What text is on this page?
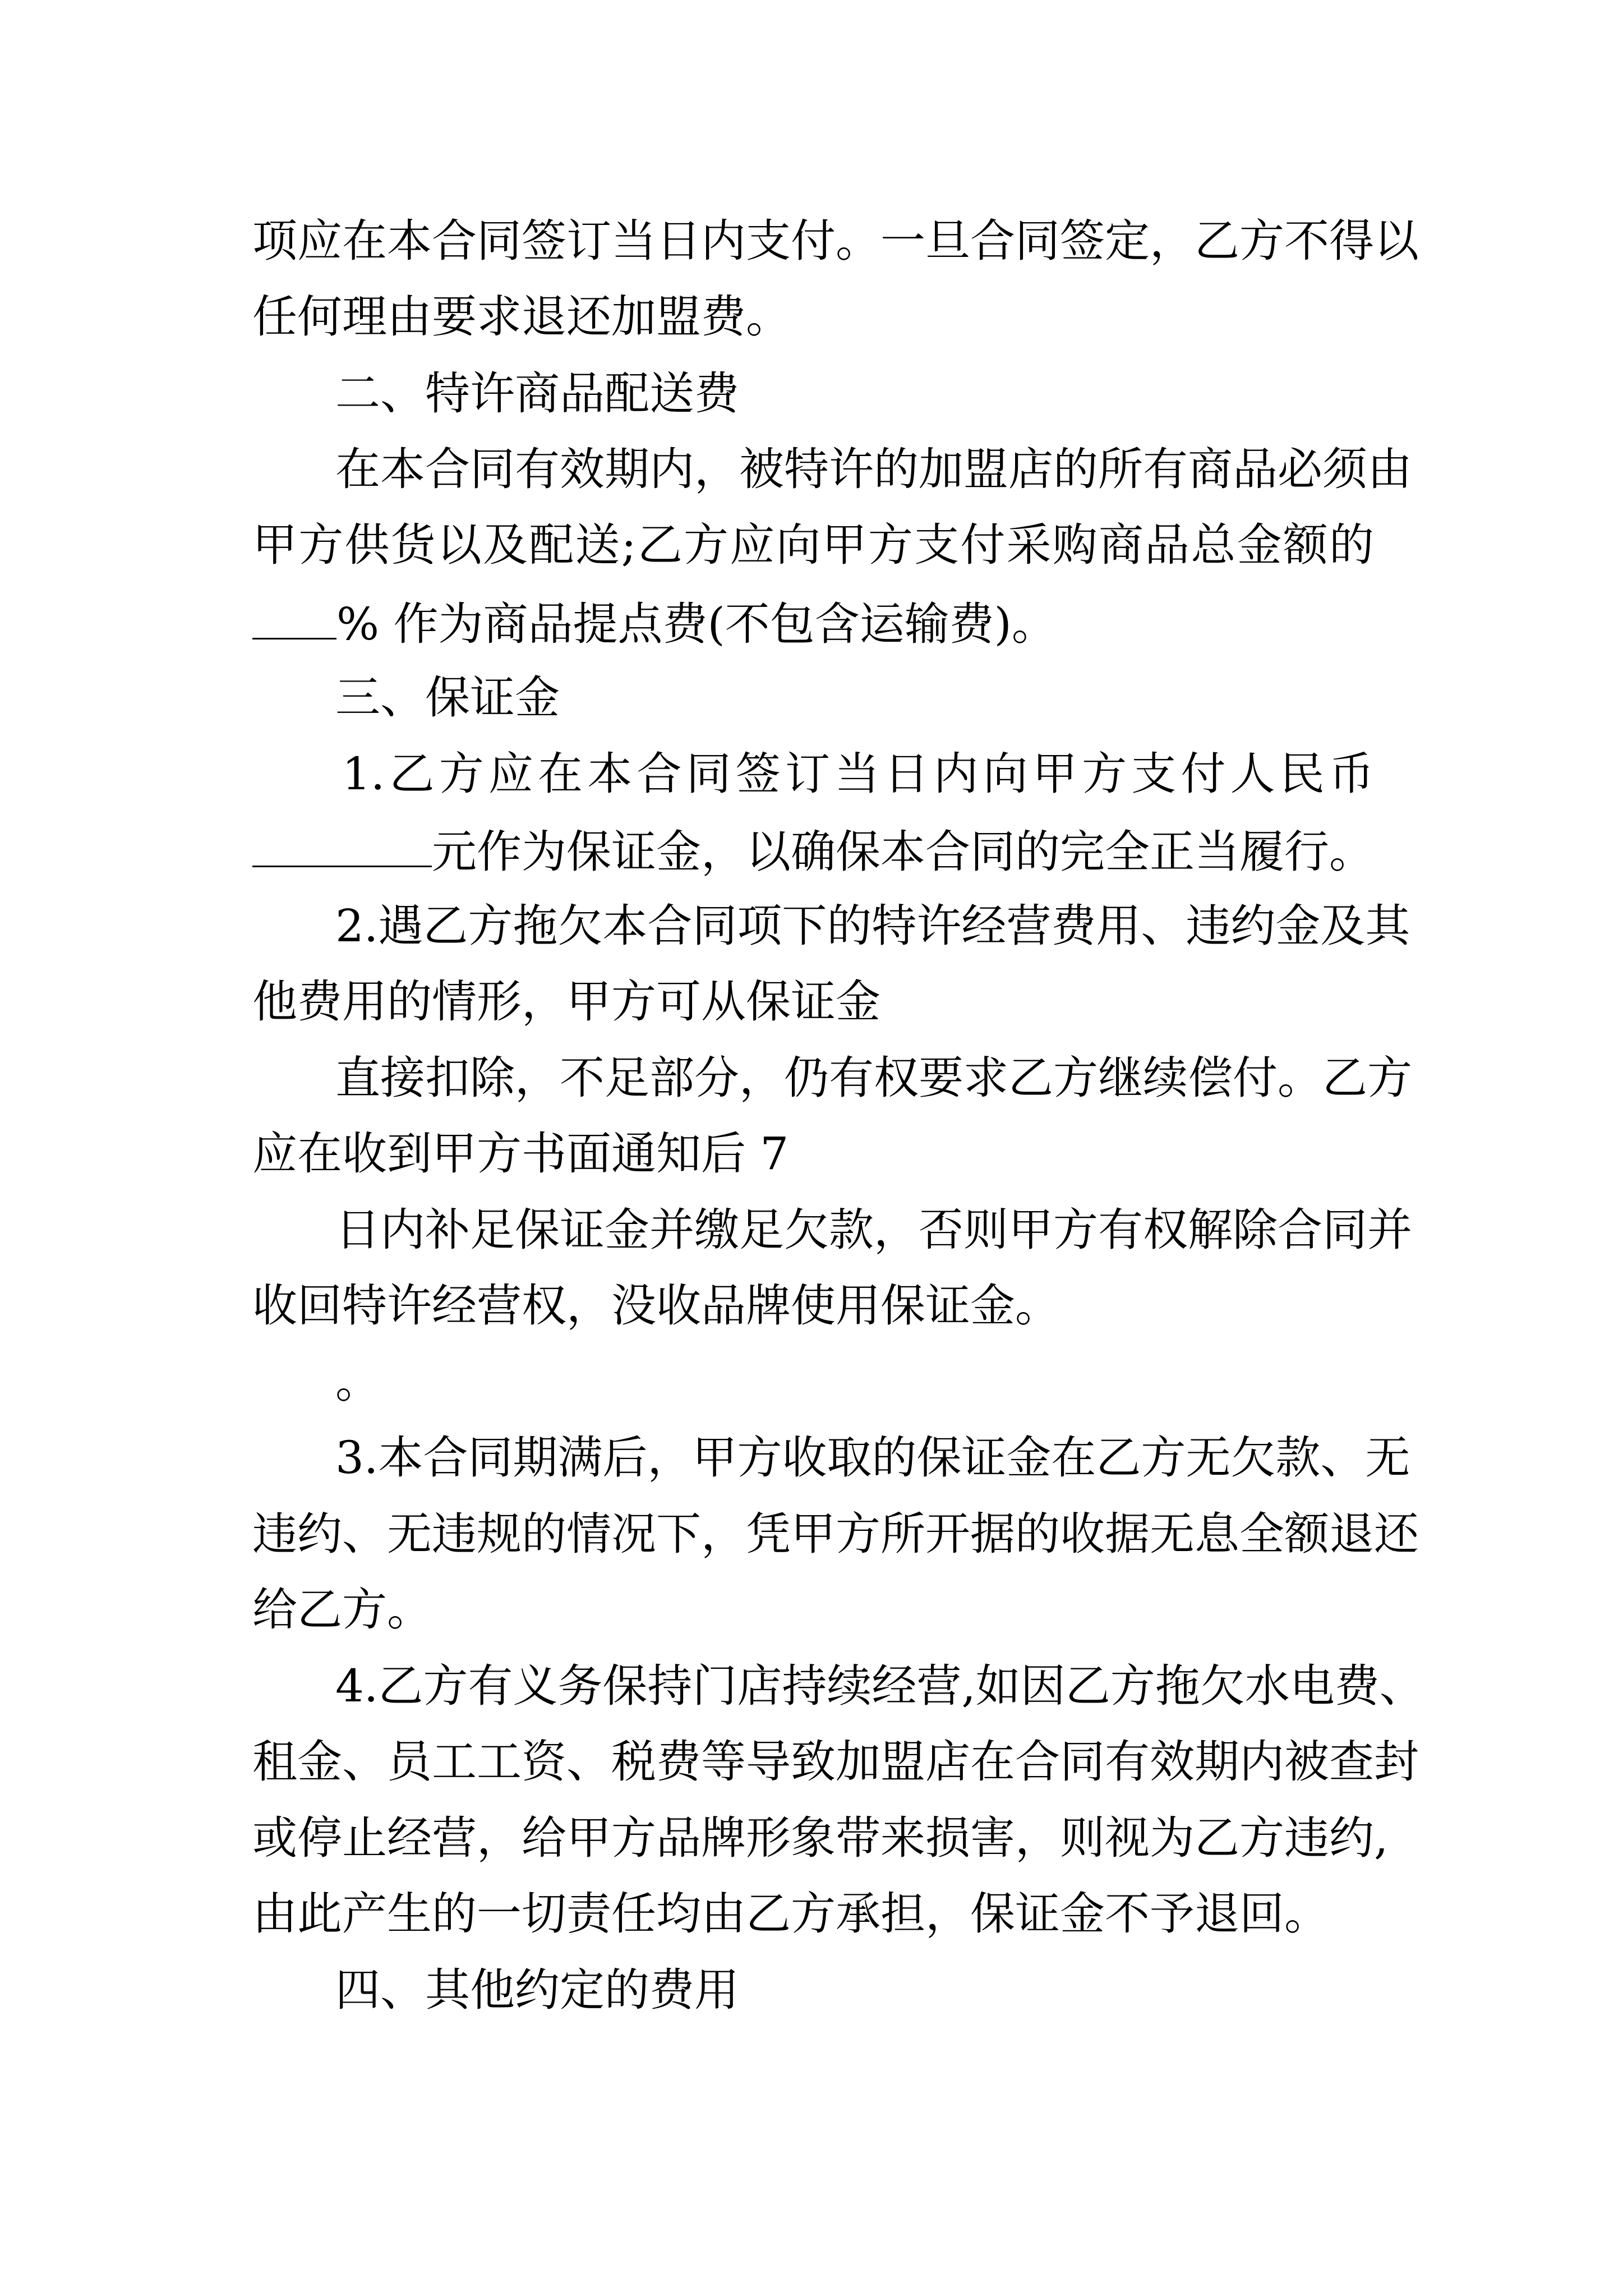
项应在本合同签订当日内支付。一旦合同签定，乙方不得以

任何理由要求退还加盟费。

二、特许商品配送费

在本合同有效期内，被特许的加盟店的所有商品必须由

甲方供货以及配送;乙方应向甲方支付采购商品总金额的

% 作为商品提点费(不包含运输费)。

三、保证金

1.乙方应在本合同签订当日内向甲方支付人民币

元作为保证金，以确保本合同的完全正当履行。

2.遇乙方拖欠本合同项下的特许经营费用、违约金及其

他费用的情形，甲方可从保证金

直接扣除，不足部分，仍有权要求乙方继续偿付。乙方

应在收到甲方书面通知后 7

日内补足保证金并缴足欠款，否则甲方有权解除合同并

收回特许经营权，没收品牌使用保证金。

。

3.本合同期满后，甲方收取的保证金在乙方无欠款、无

违约、无违规的情况下，凭甲方所开据的收据无息全额退还

给乙方。

4.乙方有义务保持门店持续经营,如因乙方拖欠水电费、

租金、员工工资、税费等导致加盟店在合同有效期内被查封

或停止经营，给甲方品牌形象带来损害，则视为乙方违约,

由此产生的一切责任均由乙方承担，保证金不予退回。

四、其他约定的费用
